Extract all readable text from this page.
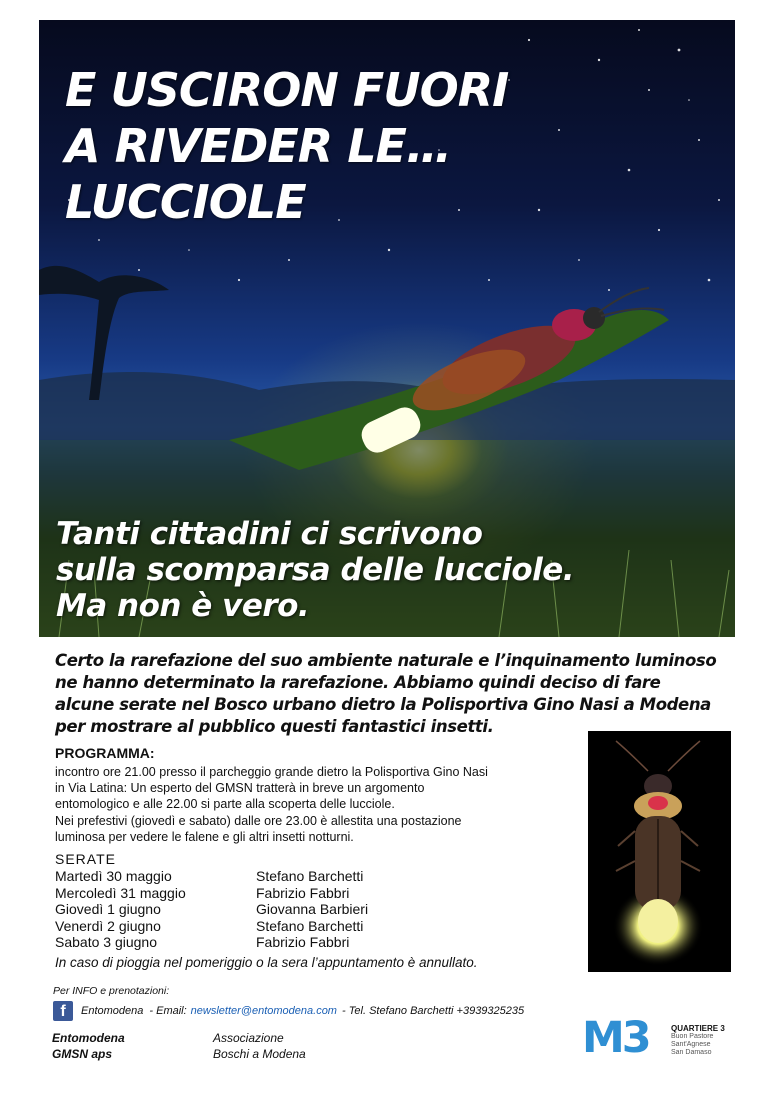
E USCIRON FUORI
A RIVEDER LE…
LUCCIOLE

Tanti cittadini ci scrivono
sulla scomparsa delle lucciole.
Ma non è vero.

Certo la rarefazione del suo ambiente naturale e l’inquinamento luminoso
ne hanno determinato la rarefazione. Abbiamo quindi deciso di fare
alcune serate nel Bosco urbano dietro la Polisportiva Gino Nasi a Modena
per mostrare al pubblico questi fantastici insetti.

PROGRAMMA:

incontro ore 21.00 presso il parcheggio grande dietro la Polisportiva Gino Nasi
in Via Latina: Un esperto del GMSN tratterà in breve un argomento
entomologico e alle 22.00 si parte alla scoperta delle lucciole.
Nei prefestivi (giovedì e sabato) dalle ore 23.00 è allestita una postazione
luminosa per vedere le falene e gli altri insetti notturni.

SERATE

Martedì 30 maggio	Stefano Barchetti
Mercoledì 31 maggio	Fabrizio Fabbri
Giovedì 1 giugno	Giovanna Barbieri
Venerdì 2 giugno	Stefano Barchetti
Sabato 3 giugno	Fabrizio Fabbri

In caso di pioggia nel pomeriggio o la sera l’appuntamento è annullato.

Per INFO e prenotazioni:

f	Entomodena - Email: newsletter@entomodena.com - Tel. Stefano Barchetti +3939325235

Entomodena
GMSN aps

Associazione
Boschi a Modena	M3	QUARTIERE 3
Buon Pastore
Sant'Agnese
San Damaso
